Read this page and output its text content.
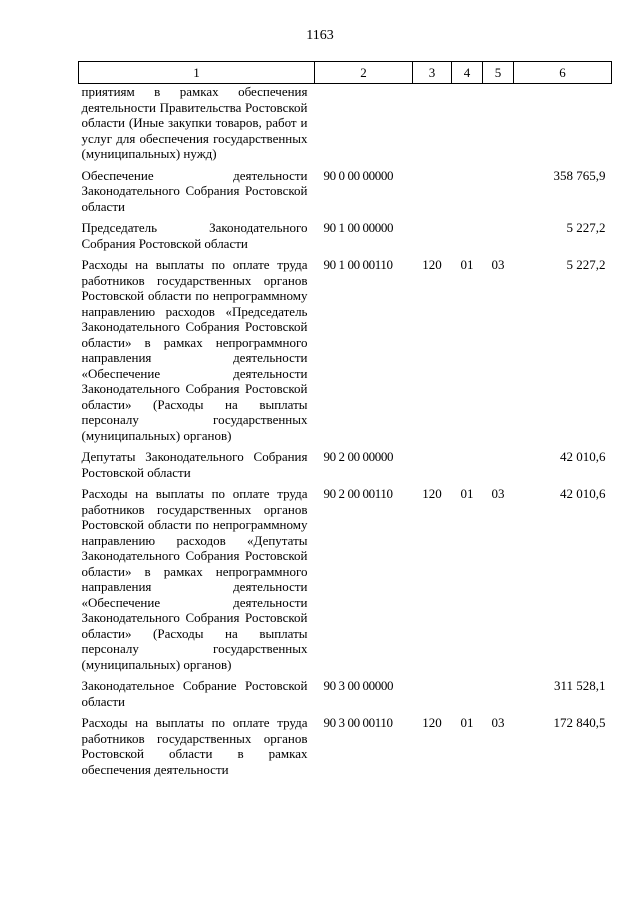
1163
1	2	3	4	5	6
приятиям в рамках обеспечения деятельности Правительства Ростовской области (Иные закупки товаров, работ и услуг для обеспечения государственных (муниципальных) нужд)					
Обеспечение деятельности Законодательного Собрания Ростовской области	90 0 00 00000				358 765,9
Председатель Законодательного Собрания Ростовской области	90 1 00 00000				5 227,2
Расходы на выплаты по оплате труда работников государственных органов Ростовской области по непрограммному направлению расходов «Председатель Законодательного Собрания Ростовской области» в рамках непрограммного направления деятельности «Обеспечение деятельности Законодательного Собрания Ростовской области» (Расходы на выплаты персоналу государственных (муниципальных) органов)	90 1 00 00110	120	01	03	5 227,2
Депутаты Законодательного Собрания Ростовской области	90 2 00 00000				42 010,6
Расходы на выплаты по оплате труда работников государственных органов Ростовской области по непрограммному направлению расходов «Депутаты Законодательного Собрания Ростовской области» в рамках непрограммного направления деятельности «Обеспечение деятельности Законодательного Собрания Ростовской области» (Расходы на выплаты персоналу государственных (муниципальных) органов)	90 2 00 00110	120	01	03	42 010,6
Законодательное Собрание Ростовской области	90 3 00 00000				311 528,1
Расходы на выплаты по оплате труда работников государственных органов Ростовской области в рамках обеспечения деятельности	90 3 00 00110	120	01	03	172 840,5
